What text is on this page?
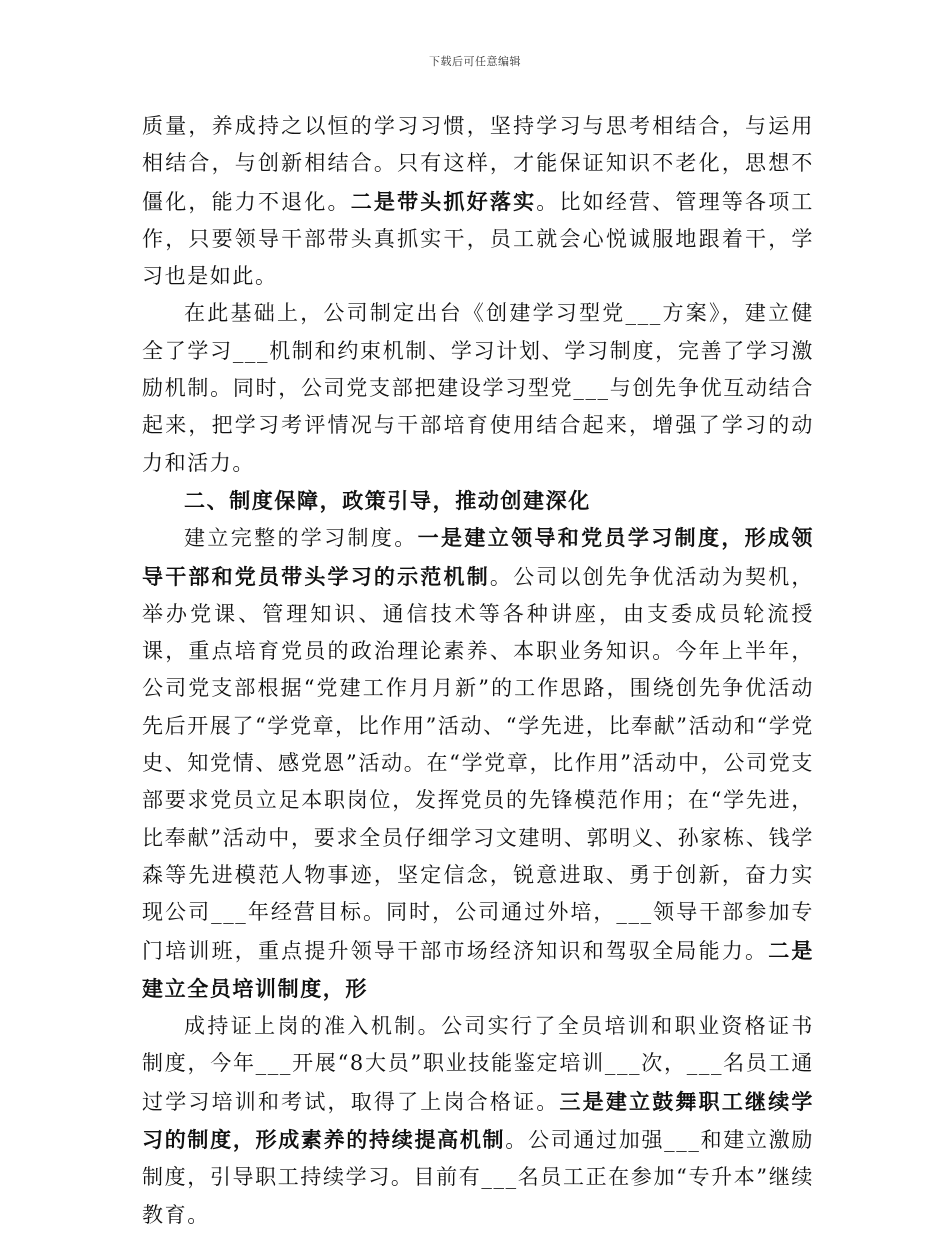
下载后可任意编辑

质量，养成持之以恒的学习习惯，坚持学习与思考相结合，与运用相结合，与创新相结合。只有这样，才能保证知识不老化，思想不僵化，能力不退化。二是带头抓好落实。比如经营、管理等各项工作，只要领导干部带头真抓实干，员工就会心悦诚服地跟着干，学习也是如此。

在此基础上，公司制定出台《创建学习型党___方案》，建立健全了学习___机制和约束机制、学习计划、学习制度，完善了学习激励机制。同时，公司党支部把建设学习型党___与创先争优互动结合起来，把学习考评情况与干部培育使用结合起来，增强了学习的动力和活力。

二、制度保障，政策引导，推动创建深化

建立完整的学习制度。一是建立领导和党员学习制度，形成领导干部和党员带头学习的示范机制。公司以创先争优活动为契机，举办党课、管理知识、通信技术等各种讲座，由支委成员轮流授课，重点培育党员的政治理论素养、本职业务知识。今年上半年，公司党支部根据“党建工作月月新”的工作思路，围绕创先争优活动先后开展了“学党章，比作用”活动、“学先进，比奉献”活动和“学党史、知党情、感党恩”活动。在“学党章，比作用”活动中，公司党支部要求党员立足本职岗位，发挥党员的先锋模范作用；在“学先进，比奉献”活动中，要求全员仔细学习文建明、郭明义、孙家栋、钱学森等先进模范人物事迹，坚定信念，锐意进取、勇于创新，奋力实现公司___年经营目标。同时，公司通过外培，___领导干部参加专门培训班，重点提升领导干部市场经济知识和驾驭全局能力。二是建立全员培训制度，形

成持证上岗的准入机制。公司实行了全员培训和职业资格证书制度，今年___开展“8大员”职业技能鉴定培训___次，___名员工通过学习培训和考试，取得了上岗合格证。三是建立鼓舞职工继续学习的制度，形成素养的持续提高机制。公司通过加强___和建立激励制度，引导职工持续学习。目前有___名员工正在参加“专升本”继续教育。
